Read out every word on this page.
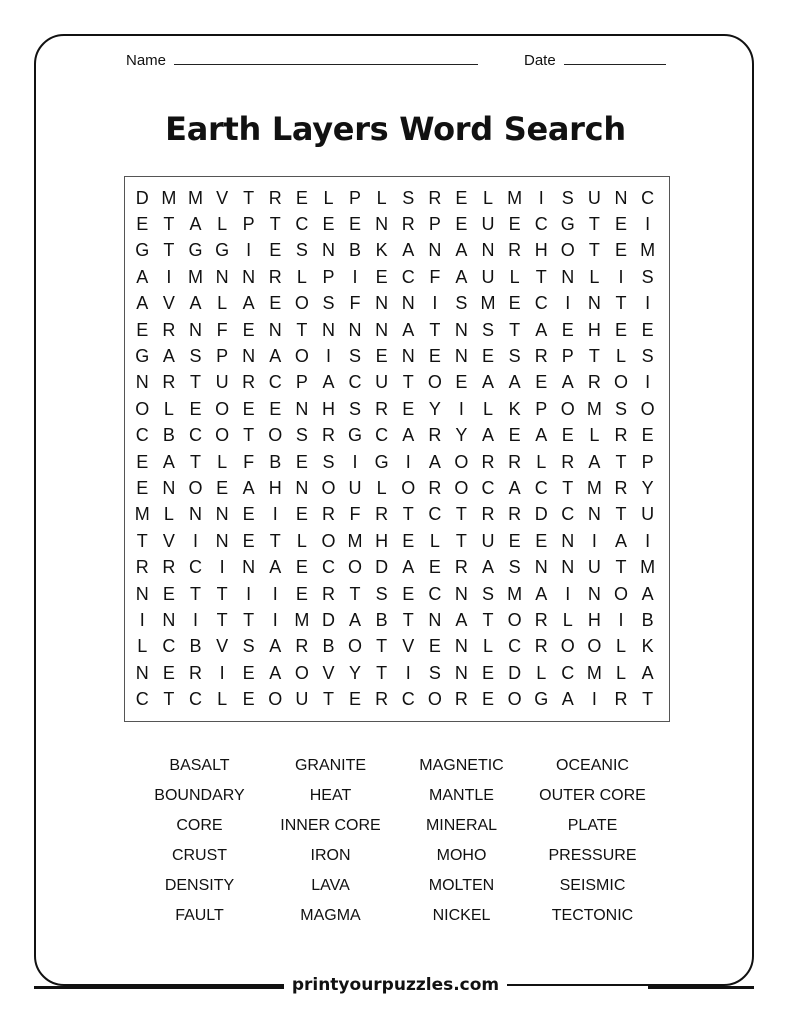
Name	Date
Earth Layers Word Search
D M M V T R E L P L S R E L M I	S U N C
E T A L P T C E E N R P E U E C G T E	I
G T G G I	E S N B K A N A N R H O T E M
A	I M N N R L P	I	E C F A U L T N L	I	S
A V A L A E O S F N N I	S M E C I N T	I
E R N F E N T N N N A T N S T A E H E E
G A S P N A O I	S E N E N E S R P T L S
N R T U R C P A C U T O E A A E A R O I
O L E O E E N H S R E Y	I	L K P O M S O
C B C O T O S R G C A R Y A E A E L R E
E A T L F B E S	I G I	A O R R L R A T P
E N O E A H N O U L O R O C A C T M R Y
M L N N E	I	E R F R T C T R R D C N T U
T V	I N E T L O M H E L T U E E N I	A	I
R R C I N A E C O D A E R A S N N U T M
N E T T	I	I	E R T S E C N S M A	I N O A
I N I	T T	I M D A B T N A T O R L H I	B
L C B V S A R B O T V E N L C R O O L K
N E R I	E A O V Y T	I	S N E D L C M L A
C T C L E O U T E R C O R E O G A	I R T
BASALT	GRANITE	MAGNETIC	OCEANIC
BOUNDARY	HEAT	MANTLE	OUTER CORE
CORE	INNER CORE	MINERAL	PLATE
CRUST	IRON	MOHO	PRESSURE
DENSITY	LAVA	MOLTEN	SEISMIC
FAULT	MAGMA	NICKEL	TECTONIC
printyourpuzzles.com
